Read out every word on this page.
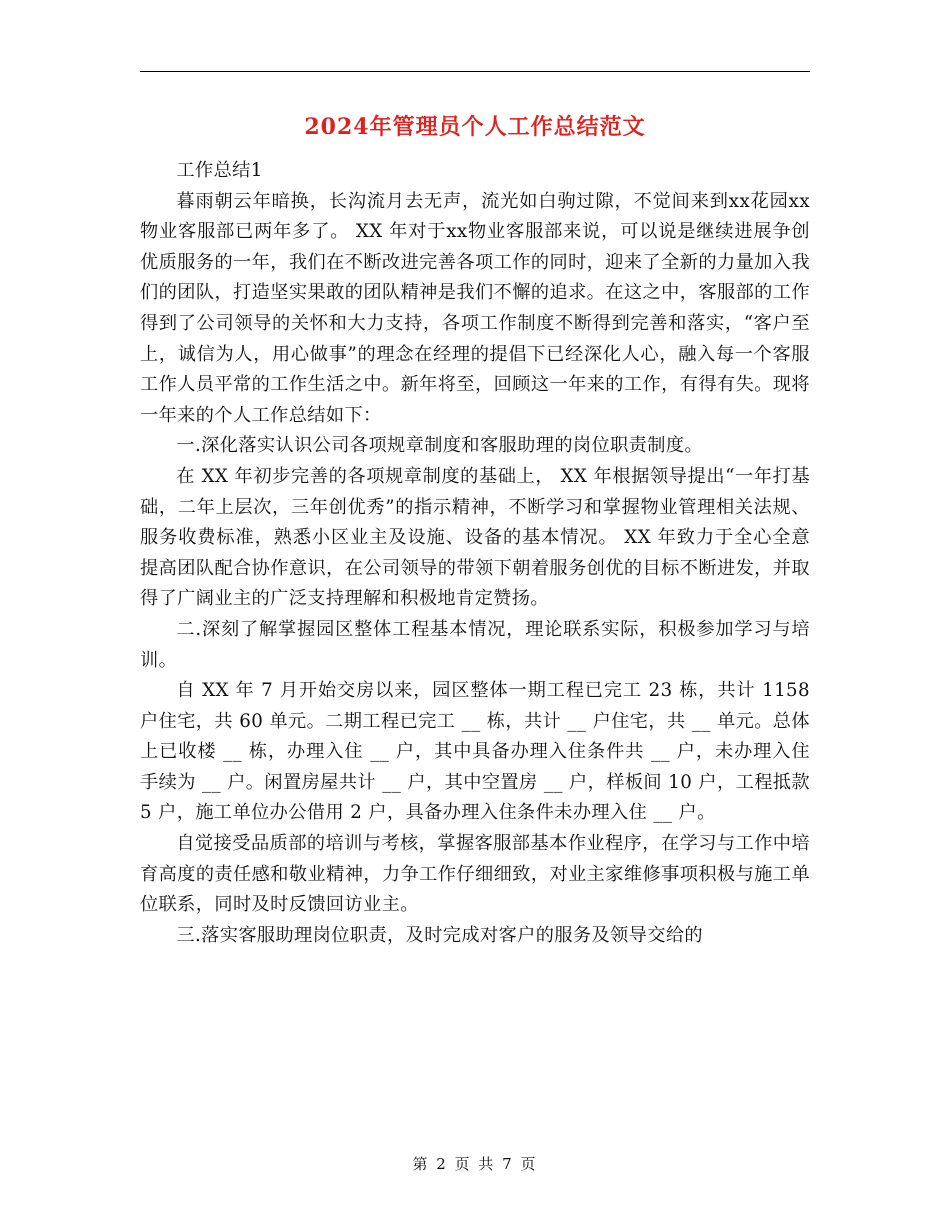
2024年管理员个人工作总结范文

工作总结1

暮雨朝云年暗换，长沟流月去无声，流光如白驹过隙，不觉间来到xx花园xx物业客服部已两年多了。 XX 年对于xx物业客服部来说，可以说是继续进展争创优质服务的一年，我们在不断改进完善各项工作的同时，迎来了全新的力量加入我们的团队，打造坚实果敢的团队精神是我们不懈的追求。在这之中，客服部的工作得到了公司领导的关怀和大力支持，各项工作制度不断得到完善和落实，“客户至上，诚信为人，用心做事”的理念在经理的提倡下已经深化人心，融入每一个客服工作人员平常的工作生活之中。新年将至，回顾这一年来的工作，有得有失。现将一年来的个人工作总结如下：

一.深化落实认识公司各项规章制度和客服助理的岗位职责制度。

在 XX 年初步完善的各项规章制度的基础上， XX 年根据领导提出“一年打基础，二年上层次，三年创优秀”的指示精神，不断学习和掌握物业管理相关法规、服务收费标准，熟悉小区业主及设施、设备的基本情况。 XX 年致力于全心全意提高团队配合协作意识，在公司领导的带领下朝着服务创优的目标不断进发，并取得了广阔业主的广泛支持理解和积极地肯定赞扬。

二.深刻了解掌握园区整体工程基本情况，理论联系实际，积极参加学习与培训。

自 XX 年 7 月开始交房以来，园区整体一期工程已完工 23 栋，共计 1158 户住宅，共 60 单元。二期工程已完工 __ 栋，共计 __ 户住宅，共 __ 单元。总体上已收楼 __ 栋，办理入住 __ 户，其中具备办理入住条件共 __ 户，未办理入住手续为 __ 户。闲置房屋共计 __ 户，其中空置房 __ 户，样板间 10 户，工程抵款 5 户，施工单位办公借用 2 户，具备办理入住条件未办理入住 __ 户。

自觉接受品质部的培训与考核，掌握客服部基本作业程序，在学习与工作中培育高度的责任感和敬业精神，力争工作仔细细致，对业主家维修事项积极与施工单位联系，同时及时反馈回访业主。

三.落实客服助理岗位职责，及时完成对客户的服务及领导交给的

第 2 页 共 7 页
